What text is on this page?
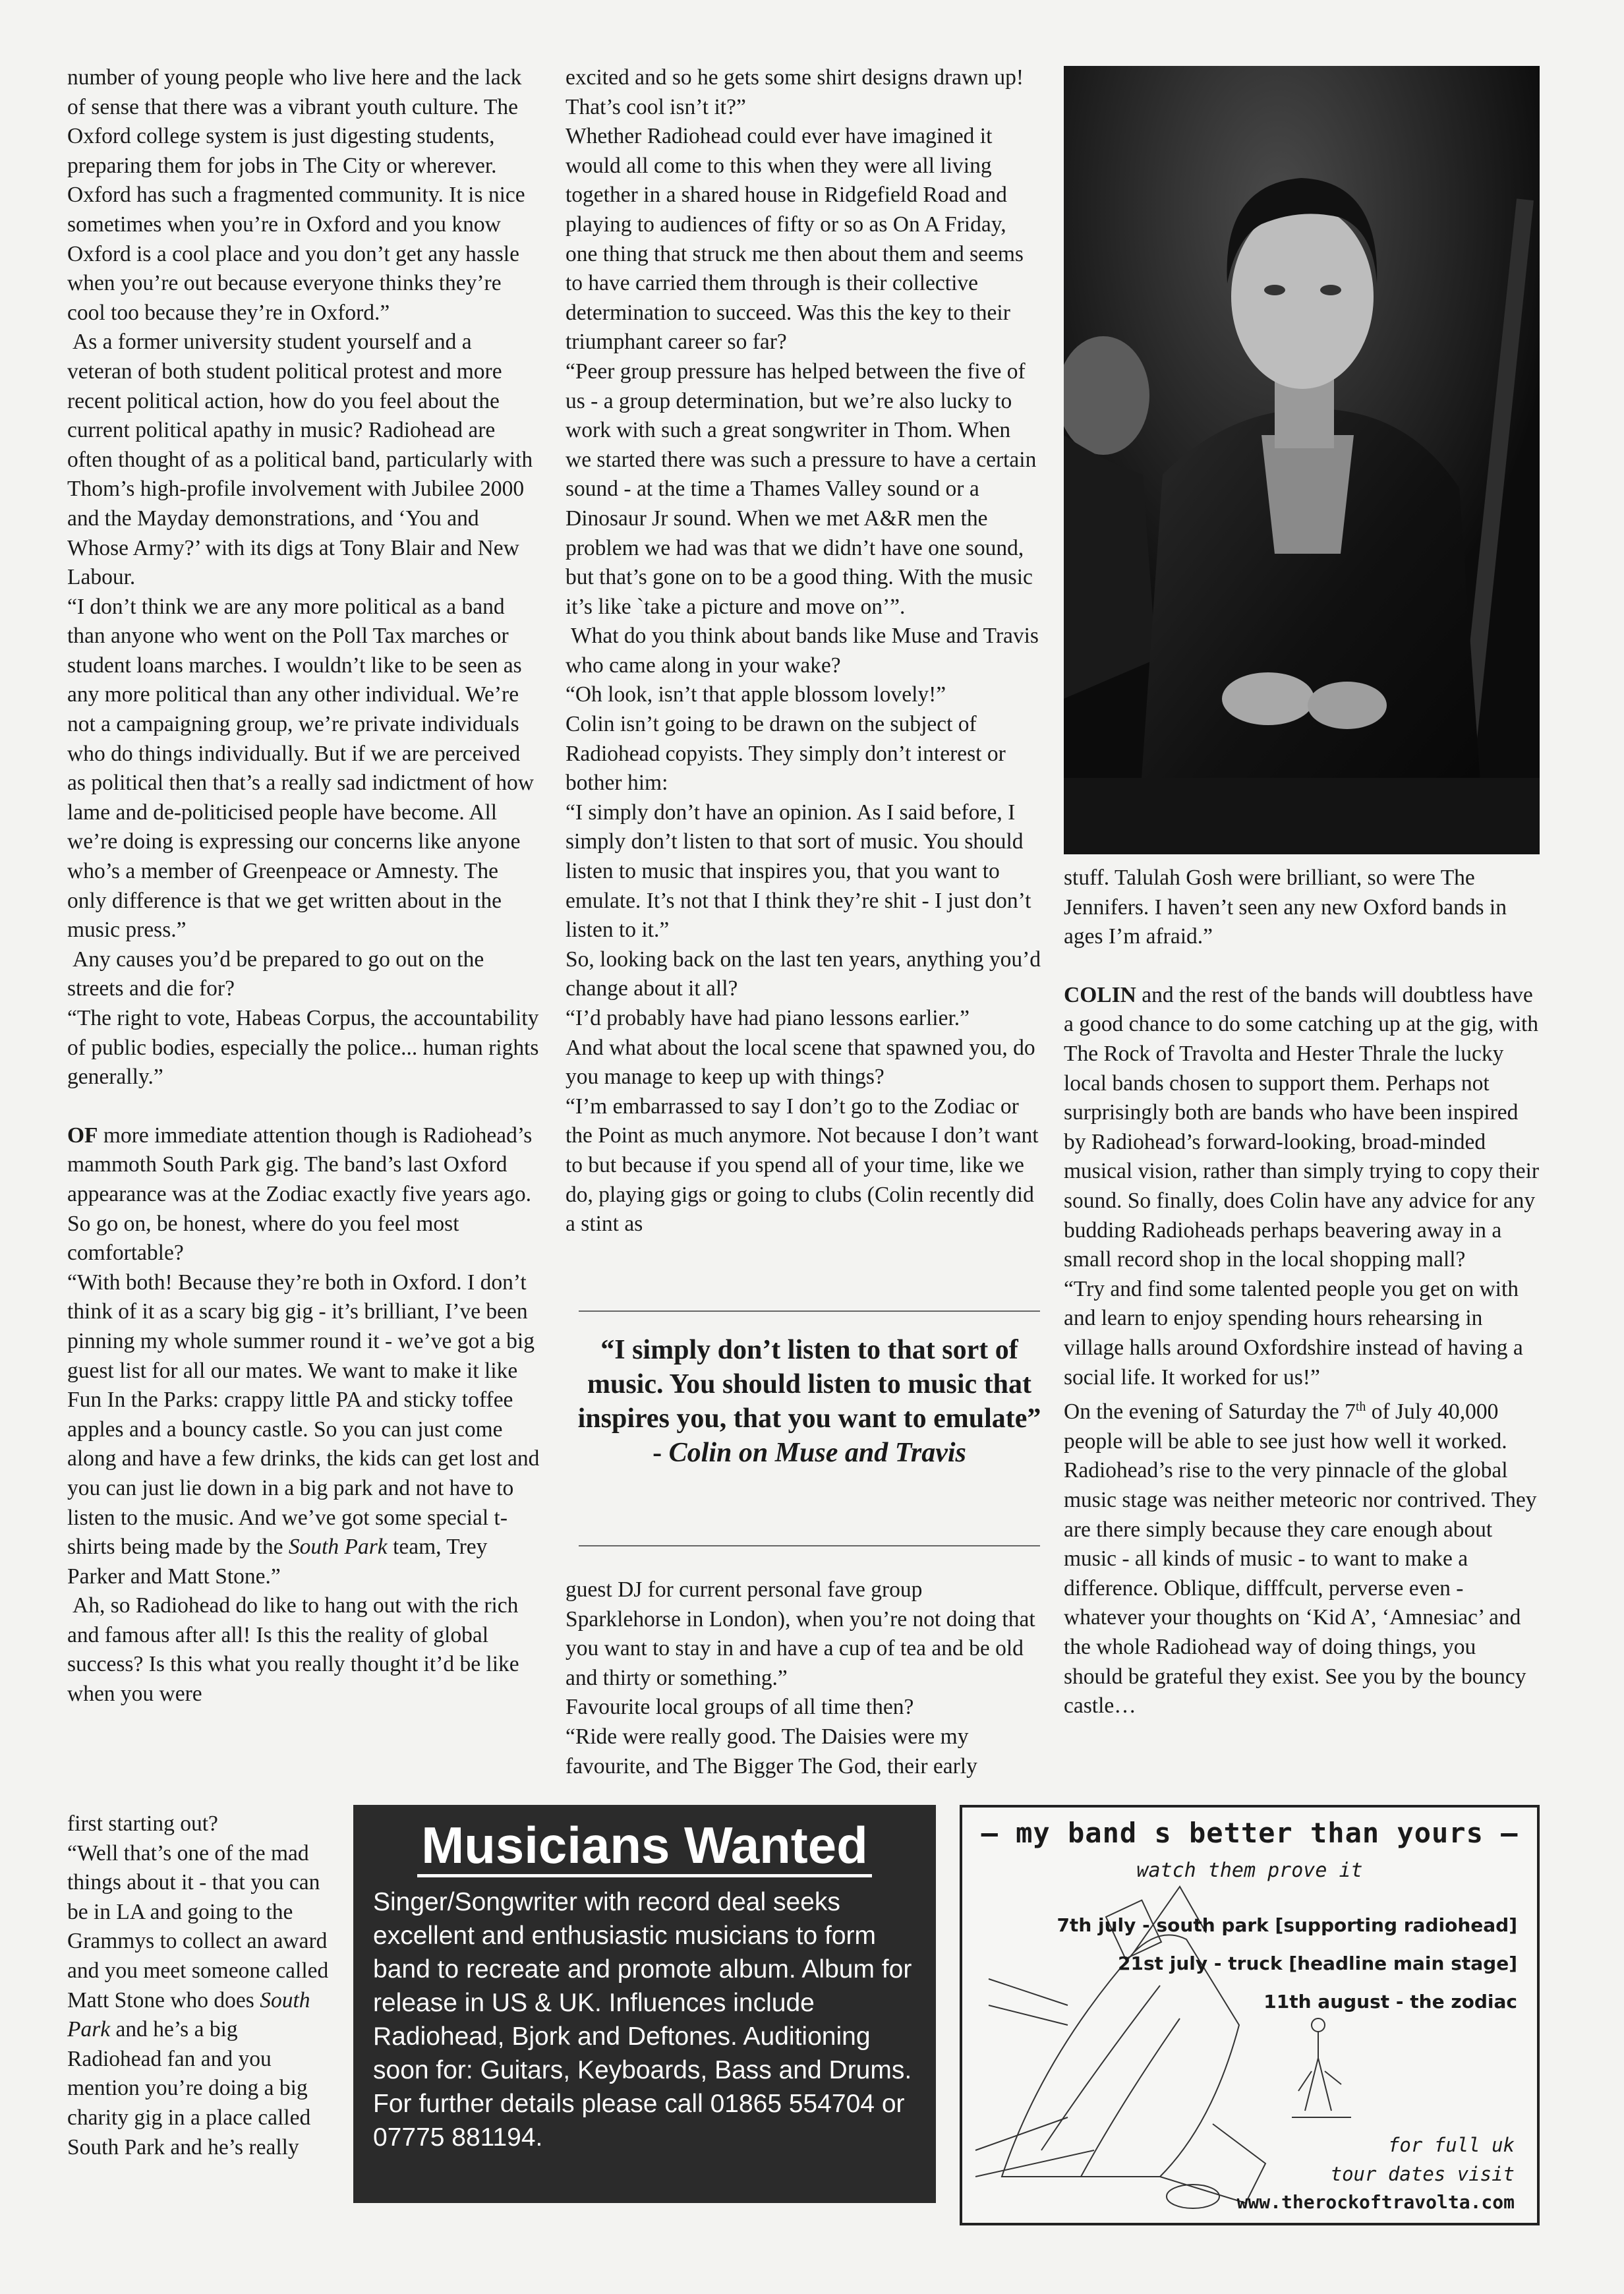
number of young people who live here and the lack of sense that there was a vibrant youth culture. The Oxford college system is just digesting students, preparing them for jobs in The City or wherever. Oxford has such a fragmented community. It is nice sometimes when you’re in Oxford and you know Oxford is a cool place and you don’t get any hassle when you’re out because everyone thinks they’re cool too because they’re in Oxford.”

As a former university student yourself and a veteran of both student political protest and more recent political action, how do you feel about the current political apathy in music? Radiohead are often thought of as a political band, particularly with Thom’s high-profile involvement with Jubilee 2000 and the Mayday demonstrations, and ‘You and Whose Army?’ with its digs at Tony Blair and New Labour.

“I don’t think we are any more political as a band than anyone who went on the Poll Tax marches or student loans marches. I wouldn’t like to be seen as any more political than any other individual. We’re not a campaigning group, we’re private individuals who do things individually. But if we are perceived as political then that’s a really sad indictment of how lame and de-politicised people have become. All we’re doing is expressing our concerns like anyone who’s a member of Greenpeace or Amnesty. The only difference is that we get written about in the music press.”

Any causes you’d be prepared to go out on the streets and die for?

“The right to vote, Habeas Corpus, the accountability of public bodies, especially the police... human rights generally.”

OF more immediate attention though is Radiohead’s mammoth South Park gig. The band’s last Oxford appearance was at the Zodiac exactly five years ago. So go on, be honest, where do you feel most comfortable?

“With both! Because they’re both in Oxford. I don’t think of it as a scary big gig - it’s brilliant, I’ve been pinning my whole summer round it - we’ve got a big guest list for all our mates. We want to make it like Fun In the Parks: crappy little PA and sticky toffee apples and a bouncy castle. So you can just come along and have a few drinks, the kids can get lost and you can just lie down in a big park and not have to listen to the music. And we’ve got some special t-shirts being made by the South Park team, Trey Parker and Matt Stone.”

Ah, so Radiohead do like to hang out with the rich and famous after all! Is this the reality of global success? Is this what you really thought it’d be like when you were

first starting out?

“Well that’s one of the mad things about it - that you can be in LA and going to the Grammys to collect an award and you meet someone called Matt Stone who does South Park and he’s a big Radiohead fan and you mention you’re doing a big charity gig in a place called South Park and he’s really

excited and so he gets some shirt designs drawn up! That’s cool isn’t it?”

Whether Radiohead could ever have imagined it would all come to this when they were all living together in a shared house in Ridgefield Road and playing to audiences of fifty or so as On A Friday, one thing that struck me then about them and seems to have carried them through is their collective determination to succeed. Was this the key to their triumphant career so far?

“Peer group pressure has helped between the five of us - a group determination, but we’re also lucky to work with such a great songwriter in Thom. When we started there was such a pressure to have a certain sound - at the time a Thames Valley sound or a Dinosaur Jr sound. When we met A&R men the problem we had was that we didn’t have one sound, but that’s gone on to be a good thing. With the music it’s like `take a picture and move on’”.

What do you think about bands like Muse and Travis who came along in your wake?

“Oh look, isn’t that apple blossom lovely!”

Colin isn’t going to be drawn on the subject of Radiohead copyists. They simply don’t interest or bother him:

“I simply don’t have an opinion. As I said before, I simply don’t listen to that sort of music. You should listen to music that inspires you, that you want to emulate. It’s not that I think they’re shit - I just don’t listen to it.”

So, looking back on the last ten years, anything you’d change about it all?

“I’d probably have had piano lessons earlier.”

And what about the local scene that spawned you, do you manage to keep up with things?

“I’m embarrassed to say I don’t go to the Zodiac or the Point as much anymore. Not because I don’t want to but because if you spend all of your time, like we do, playing gigs or going to clubs (Colin recently did a stint as

“I simply don’t listen to that sort of music. You should listen to music that inspires you, that you want to emulate” - Colin on Muse and Travis

guest DJ for current personal fave group Sparklehorse in London), when you’re not doing that you want to stay in and have a cup of tea and be old and thirty or something.”

Favourite local groups of all time then?

“Ride were really good. The Daisies were my favourite, and The Bigger The God, their early

stuff. Talulah Gosh were brilliant, so were The Jennifers. I haven’t seen any new Oxford bands in ages I’m afraid.”

COLIN and the rest of the bands will doubtless have a good chance to do some catching up at the gig, with The Rock of Travolta and Hester Thrale the lucky local bands chosen to support them. Perhaps not surprisingly both are bands who have been inspired by Radiohead’s forward-looking, broad-minded musical vision, rather than simply trying to copy their sound. So finally, does Colin have any advice for any budding Radioheads perhaps beavering away in a small record shop in the local shopping mall?

“Try and find some talented people you get on with and learn to enjoy spending hours rehearsing in village halls around Oxfordshire instead of having a social life. It worked for us!”

On the evening of Saturday the 7th of July 40,000 people will be able to see just how well it worked. Radiohead’s rise to the very pinnacle of the global music stage was neither meteoric nor contrived. They are there simply because they care enough about music - all kinds of music - to want to make a difference. Oblique, difffcult, perverse even - whatever your thoughts on ‘Kid A’, ‘Amnesiac’ and the whole Radiohead way of doing things, you should be grateful they exist. See you by the bouncy castle…

Musicians Wanted
Singer/Songwriter with record deal seeks excellent and enthusiastic musicians to form band to recreate and promote album. Album for release in US & UK. Influences include Radiohead, Bjork and Deftones. Auditioning soon for: Guitars, Keyboards, Bass and Drums.
For further details please call 01865 554704 or 07775 881194.
— my band s better than yours —
watch them prove it
7th july - south park [supporting radiohead]
21st july - truck [headline main stage]
11th august - the zodiac
for full uk
tour dates visit
www.therockoftravolta.com
